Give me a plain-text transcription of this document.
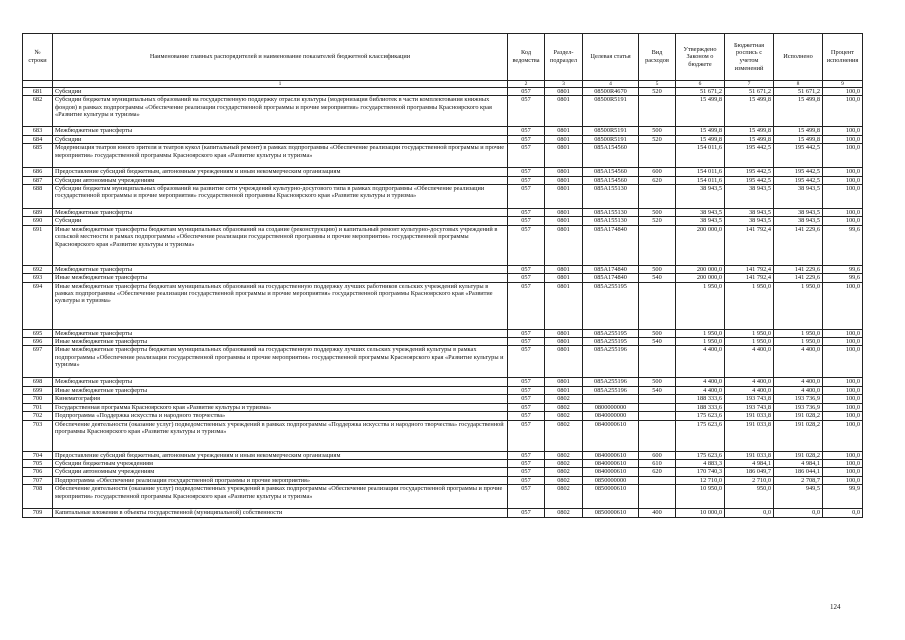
№ строки	Наименование главных распорядителей и наименование показателей бюджетной классификации	Код ведомства	Раздел-подраздел	Целевая статья	Вид расходов	Утверждено Законом о бюджете	Бюджетная роспись с учетом изменений	Исполнено	Процент исполнения
	1	2	3	4	5	6	7	8	9
681	Субсидии	057	0801	08500R4670	520	51 671,2	51 671,2	51 671,2	100,0
682	Субсидии бюджетам муниципальных образований на государственную поддержку отрасли культуры (модернизация библиотек в части комплектования книжных фондов) в рамках подпрограммы «Обеспечение реализации государственной программы и прочие мероприятия» государственной программы Красноярского края «Развитие культуры и туризма»	057	0801	08500R5191		15 499,8	15 499,8	15 499,8	100,0
683	Межбюджетные трансферты	057	0801	08500R5191	500	15 499,8	15 499,8	15 499,8	100,0
684	Субсидии	057	0801	08500R5191	520	15 499,8	15 499,8	15 499,8	100,0
685	Модернизация театров юного зрителя и театров кукол (капитальный ремонт) в рамках подпрограммы «Обеспечение реализации государственной программы и прочие мероприятия» государственной программы Красноярского края «Развитие культуры и туризма»	057	0801	085A154560		154 011,6	195 442,5	195 442,5	100,0
686	Предоставление субсидий бюджетным, автономным учреждениям и иным некоммерческим организациям	057	0801	085A154560	600	154 011,6	195 442,5	195 442,5	100,0
687	Субсидии автономным учреждениям	057	0801	085A154560	620	154 011,6	195 442,5	195 442,5	100,0
688	Субсидии бюджетам муниципальных образований на развитие сети учреждений культурно-досугового типа в рамках подпрограммы «Обеспечение реализации государственной программы и прочие мероприятия» государственной программы Красноярского края «Развитие культуры и туризма»	057	0801	085A155130		38 943,5	38 943,5	38 943,5	100,0
689	Межбюджетные трансферты	057	0801	085A155130	500	38 943,5	38 943,5	38 943,5	100,0
690	Субсидии	057	0801	085A155130	520	38 943,5	38 943,5	38 943,5	100,0
691	Иные межбюджетные трансферты бюджетам муниципальных образований на создание (реконструкцию) и капитальный ремонт культурно-досуговых учреждений в сельской местности в рамках подпрограммы «Обеспечение реализации государственной программы и прочие мероприятия» государственной программы Красноярского края «Развитие культуры и туризма»	057	0801	085A174840		200 000,0	141 792,4	141 229,6	99,6
692	Межбюджетные трансферты	057	0801	085A174840	500	200 000,0	141 792,4	141 229,6	99,6
693	Иные межбюджетные трансферты	057	0801	085A174840	540	200 000,0	141 792,4	141 229,6	99,6
694	Иные межбюджетные трансферты бюджетам муниципальных образований на государственную поддержку лучших работников сельских учреждений культуры в рамках подпрограммы «Обеспечение реализации государственной программы и прочие мероприятия» государственной программы Красноярского края «Развитие культуры и туризма»	057	0801	085A255195		1 950,0	1 950,0	1 950,0	100,0
695	Межбюджетные трансферты	057	0801	085A255195	500	1 950,0	1 950,0	1 950,0	100,0
696	Иные межбюджетные трансферты	057	0801	085A255195	540	1 950,0	1 950,0	1 950,0	100,0
697	Иные межбюджетные трансферты бюджетам муниципальных образований на государственную поддержку лучших сельских учреждений культуры в рамках подпрограммы «Обеспечение реализации государственной программы и прочие мероприятия» государственной программы Красноярского края «Развитие культуры и туризма»	057	0801	085A255196		4 400,0	4 400,0	4 400,0	100,0
698	Межбюджетные трансферты	057	0801	085A255196	500	4 400,0	4 400,0	4 400,0	100,0
699	Иные межбюджетные трансферты	057	0801	085A255196	540	4 400,0	4 400,0	4 400,0	100,0
700	Кинематография	057	0802			188 333,6	193 743,8	193 736,9	100,0
701	Государственная программа Красноярского края «Развитие культуры и туризма»	057	0802	0800000000		188 333,6	193 743,8	193 736,9	100,0
702	Подпрограмма «Поддержка искусства и народного творчества»	057	0802	0840000000		175 623,6	191 033,8	191 028,2	100,0
703	Обеспечение деятельности (оказание услуг) подведомственных учреждений в рамках подпрограммы «Поддержка искусства и народного творчества» государственной программы Красноярского края «Развитие культуры и туризма»	057	0802	0840000610		175 623,6	191 033,8	191 028,2	100,0
704	Предоставление субсидий бюджетным, автономным учреждениям и иным некоммерческим организациям	057	0802	0840000610	600	175 623,6	191 033,8	191 028,2	100,0
705	Субсидии бюджетным учреждениям	057	0802	0840000610	610	4 883,3	4 984,1	4 984,1	100,0
706	Субсидии автономным учреждениям	057	0802	0840000610	620	170 740,3	186 049,7	186 044,1	100,0
707	Подпрограмма «Обеспечение реализации государственной программы и прочие мероприятия»	057	0802	0850000000		12 710,0	2 710,0	2 708,7	100,0
708	Обеспечение деятельности (оказание услуг) подведомственных учреждений в рамках подпрограммы «Обеспечение реализации государственной программы и прочие мероприятия» государственной программы Красноярского края «Развитие культуры и туризма»	057	0802	0850000610		10 950,0	950,0	949,5	99,9
709	Капитальные вложения в объекты государственной (муниципальной) собственности	057	0802	0850000610	400	10 000,0	0,0	0,0	0,0
124
